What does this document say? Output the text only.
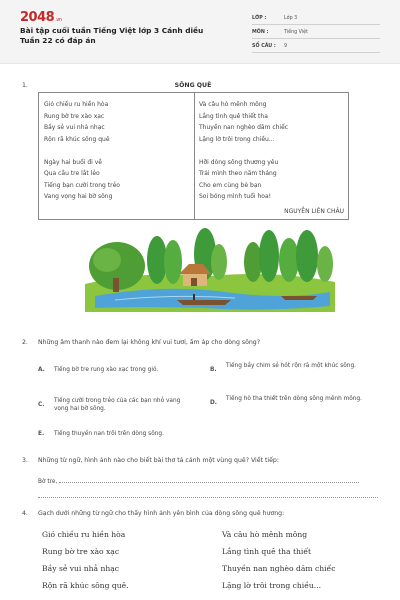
2048.vn
Bài tập cuối tuần Tiếng Việt lớp 3 Cánh diều Tuần 22 có đáp án
LỚP :	Lớp 3
MÔN :	Tiếng Việt
SỐ CÂU : 9
1.	SÔNG QUÊ
Gió chiều ru hiền hòa
Rung bờ tre xào xạc
Bầy sẻ vui nhả nhạc
Rộn rã khúc sông quê
Ngày hai buổi đi về
Qua cầu tre lắt lẻo
Tiếng bạn cười trong trẻo
Vang vọng hai bờ sông
Và câu hò mênh mông
Lắng tình quê thiết tha
Thuyền nan nghèo dăm chiếc
Lặng lờ trôi trong chiều...
Hỡi dòng sông thương yêu
Trải mình theo năm tháng
Cho em cùng bè bạn
Soi bóng mình tuổi hoa!
NGUYỄN LIÊN CHÂU
2. Những âm thanh nào đem lại không khí vui tươi, ấm áp cho dòng sông?
A. Tiếng bờ tre rung xào xạc trong gió.	B.
Tiếng bầy chim sẻ hót rộn rã một khúc sông.
C.
Tiếng cười trong trẻo của các bạn nhỏ vang vọng hai bờ sông.
D.
Tiếng hò tha thiết trên dòng sông mênh mông.
E. Tiếng thuyền nan trôi trên dòng sông.
3. Những từ ngữ, hình ảnh nào cho biết bài thơ tả cảnh một vùng quê? Viết tiếp:
Bờ tre,
4. Gạch dưới những từ ngữ cho thấy hình ảnh yên bình của dòng sông quê hương:
Gió chiều ru hiền hòa
Rung bờ tre xào xạc
Bầy sẻ vui nhả nhạc
Rộn rã khúc sông quê.
Và câu hò mênh mông
Lắng tình quê tha thiết
Thuyền nan nghèo dăm chiếc
Lặng lờ trôi trong chiều...
